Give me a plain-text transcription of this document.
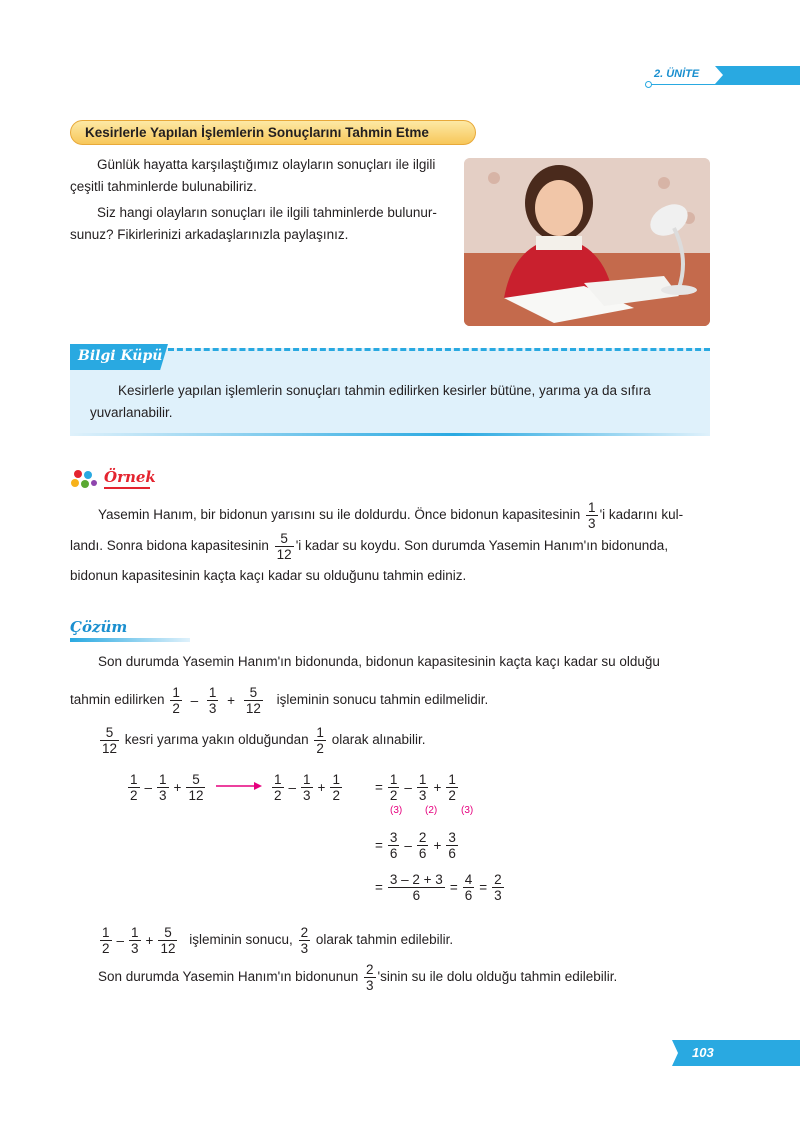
2. ÜNİTE
Kesirlerle Yapılan İşlemlerin Sonuçlarını Tahmin Etme
Günlük hayatta karşılaştığımız olayların sonuçları ile ilgili
çeşitli tahminlerde bulunabiliriz.
Siz hangi olayların sonuçları ile ilgili tahminlerde bulunur-
sunuz? Fikirlerinizi arkadaşlarınızla paylaşınız.
Bilgi Küpü
Kesirlerle yapılan işlemlerin sonuçları tahmin edilirken kesirler bütüne, yarıma ya da sıfıra
yuvarlanabilir.
Örnek
Yasemin Hanım, bir bidonun yarısını su ile doldurdu. Önce bidonun kapasitesinin $\frac{1}{3}$ 'i kadarını kul-
landı. Sonra bidona kapasitesinin $\frac{5}{12}$ 'i kadar su koydu. Son durumda Yasemin Hanım'ın bidonunda,
bidonun kapasitesinin kaçta kaçı kadar su olduğunu tahmin ediniz.
Çözüm
Son durumda Yasemin Hanım'ın bidonunda, bidonun kapasitesinin kaçta kaçı kadar su olduğu
tahmin edilirken $\frac{1}{2} - \frac{1}{3} + \frac{5}{12}$ işleminin sonucu tahmin edilmelidir.
$\frac{5}{12}$ kesri yarıma yakın olduğundan $\frac{1}{2}$ olarak alınabilir.
$\frac{1}{2} - \frac{1}{3} + \frac{5}{12}$	$\frac{1}{2} - \frac{1}{3} + \frac{1}{2} = \frac{1}{2} - \frac{1}{3} + \frac{1}{2}$
(3) (2) (3)
= $\frac{3}{6} - \frac{2}{6} + \frac{3}{6}$
= $\frac{3 - 2 + 3}{6} = \frac{4}{6} = \frac{2}{3}$
$\frac{1}{2} - \frac{1}{3} + \frac{5}{12}$ işleminin sonucu, $\frac{2}{3}$ olarak tahmin edilebilir.
Son durumda Yasemin Hanım'ın bidonunun $\frac{2}{3}$ 'sinin su ile dolu olduğu tahmin edilebilir.
103
